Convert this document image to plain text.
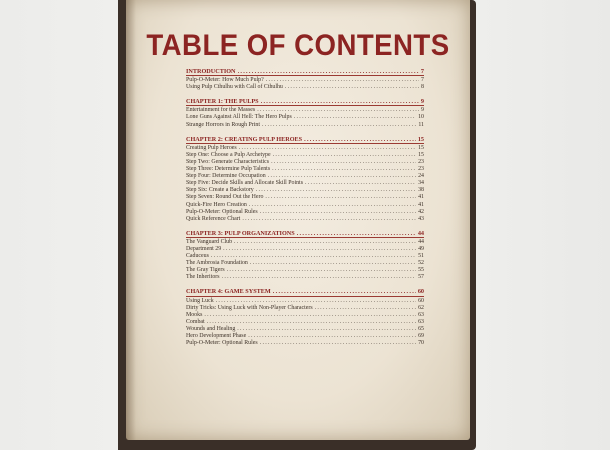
TABLE OF CONTENTS
INTRODUCTION .....	7
Pulp-O-Meter: How Much Pulp? .....	7
Using Pulp Cthulhu with Call of Cthulhu .....	8
CHAPTER 1: THE PULPS .....	9
Entertainment for the Masses .....	9
Lone Guns Against All Hell: The Hero Pulps .....	10
Strange Horrors in Rough Print .....	11
CHAPTER 2: CREATING PULP HEROES .....	15
Creating Pulp Heroes .....	15
Step One: Choose a Pulp Archetype .....	15
Step Two: Generate Characteristics .....	23
Step Three: Determine Pulp Talents .....	23
Step Four: Determine Occupation .....	24
Step Five: Decide Skills and Allocate Skill Points .....	34
Step Six: Create a Backstory .....	38
Step Seven: Round Out the Hero .....	41
Quick-Fire Hero Creation .....	41
Pulp-O-Meter: Optional Rules .....	42
Quick Reference Chart .....	43
CHAPTER 3: PULP ORGANIZATIONS .....	44
The Vanguard Club .....	44
Department 29 .....	49
Caduceus .....	51
The Ambrosia Foundation .....	52
The Gray Tigers .....	55
The Inheritors .....	57
CHAPTER 4: GAME SYSTEM .....	60
Using Luck .....	60
Dirty Tricks: Using Luck with Non-Player Characters .....	62
Mooks .....	63
Combat .....	63
Wounds and Healing .....	65
Hero Development Phase .....	69
Pulp-O-Meter: Optional Rules .....	70
